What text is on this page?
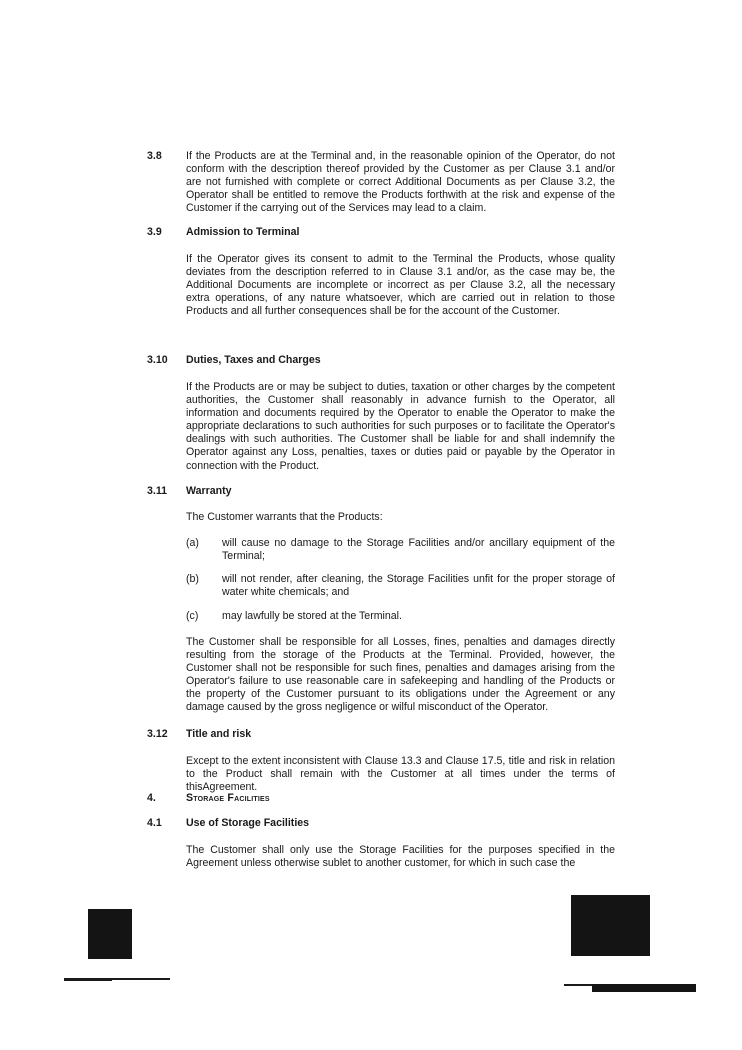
3.8 If the Products are at the Terminal and, in the reasonable opinion of the Operator, do not conform with the description thereof provided by the Customer as per Clause 3.1 and/or are not furnished with complete or correct Additional Documents as per Clause 3.2, the Operator shall be entitled to remove the Products forthwith at the risk and expense of the Customer if the carrying out of the Services may lead to a claim.

3.9 Admission to Terminal

If the Operator gives its consent to admit to the Terminal the Products, whose quality deviates from the description referred to in Clause 3.1 and/or, as the case may be, the Additional Documents are incomplete or incorrect as per Clause 3.2, all the necessary extra operations, of any nature whatsoever, which are carried out in relation to those Products and all further consequences shall be for the account of the Customer.

3.10 Duties, Taxes and Charges

If the Products are or may be subject to duties, taxation or other charges by the competent authorities, the Customer shall reasonably in advance furnish to the Operator, all information and documents required by the Operator to enable the Operator to make the appropriate declarations to such authorities for such purposes or to facilitate the Operator's dealings with such authorities. The Customer shall be liable for and shall indemnify the Operator against any Loss, penalties, taxes or duties paid or payable by the Operator in connection with the Product.

3.11 Warranty

The Customer warrants that the Products:

(a) will cause no damage to the Storage Facilities and/or ancillary equipment of the Terminal;

(b) will not render, after cleaning, the Storage Facilities unfit for the proper storage of water white chemicals; and

(c) may lawfully be stored at the Terminal.

The Customer shall be responsible for all Losses, fines, penalties and damages directly resulting from the storage of the Products at the Terminal. Provided, however, the Customer shall not be responsible for such fines, penalties and damages arising from the Operator's failure to use reasonable care in safekeeping and handling of the Products or the property of the Customer pursuant to its obligations under the Agreement or any damage caused by the gross negligence or wilful misconduct of the Operator.

3.12 Title and risk

Except to the extent inconsistent with Clause 13.3 and Clause 17.5, title and risk in relation to the Product shall remain with the Customer at all times under the terms of thisAgreement.

4.	Storage Facilities

4.1 Use of Storage Facilities

The Customer shall only use the Storage Facilities for the purposes specified in the Agreement unless otherwise sublet to another customer, for which in such case the
